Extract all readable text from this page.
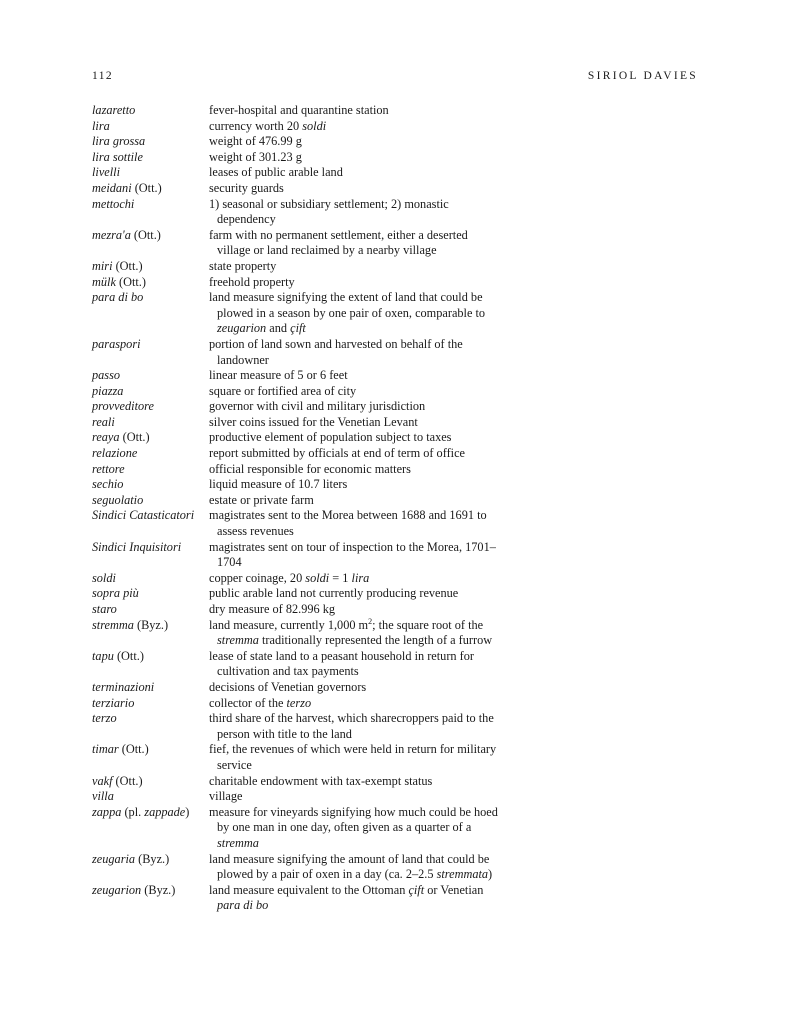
112	SIRIOL DAVIES
lazaretto	fever-hospital and quarantine station
lira	currency worth 20 soldi
lira grossa	weight of 476.99 g
lira sottile	weight of 301.23 g
livelli	leases of public arable land
meidani (Ott.)	security guards
mettochi	1) seasonal or subsidiary settlement; 2) monastic dependency
mezra'a (Ott.)	farm with no permanent settlement, either a deserted village or land reclaimed by a nearby village
miri (Ott.)	state property
mülk (Ott.)	freehold property
para di bo	land measure signifying the extent of land that could be plowed in a season by one pair of oxen, comparable to zeugarion and çift
paraspori	portion of land sown and harvested on behalf of the landowner
passo	linear measure of 5 or 6 feet
piazza	square or fortified area of city
provveditore	governor with civil and military jurisdiction
reali	silver coins issued for the Venetian Levant
reaya (Ott.)	productive element of population subject to taxes
relazione	report submitted by officials at end of term of office
rettore	official responsible for economic matters
sechio	liquid measure of 10.7 liters
seguolatio	estate or private farm
Sindici Catasticatori	magistrates sent to the Morea between 1688 and 1691 to assess revenues
Sindici Inquisitori	magistrates sent on tour of inspection to the Morea, 1701–1704
soldi	copper coinage, 20 soldi = 1 lira
sopra più	public arable land not currently producing revenue
staro	dry measure of 82.996 kg
stremma (Byz.)	land measure, currently 1,000 $m^2$; the square root of the stremma traditionally represented the length of a furrow
tapu (Ott.)	lease of state land to a peasant household in return for cultivation and tax payments
terminazioni	decisions of Venetian governors
terziario	collector of the terzo
terzo	third share of the harvest, which sharecroppers paid to the person with title to the land
timar (Ott.)	fief, the revenues of which were held in return for military service
vakf (Ott.)	charitable endowment with tax-exempt status
villa	village
zappa (pl. zappade)	measure for vineyards signifying how much could be hoed by one man in one day, often given as a quarter of a stremma
zeugaria (Byz.)	land measure signifying the amount of land that could be plowed by a pair of oxen in a day (ca. 2–2.5 stremmata)
zeugarion (Byz.)	land measure equivalent to the Ottoman çift or Venetian para di bo
